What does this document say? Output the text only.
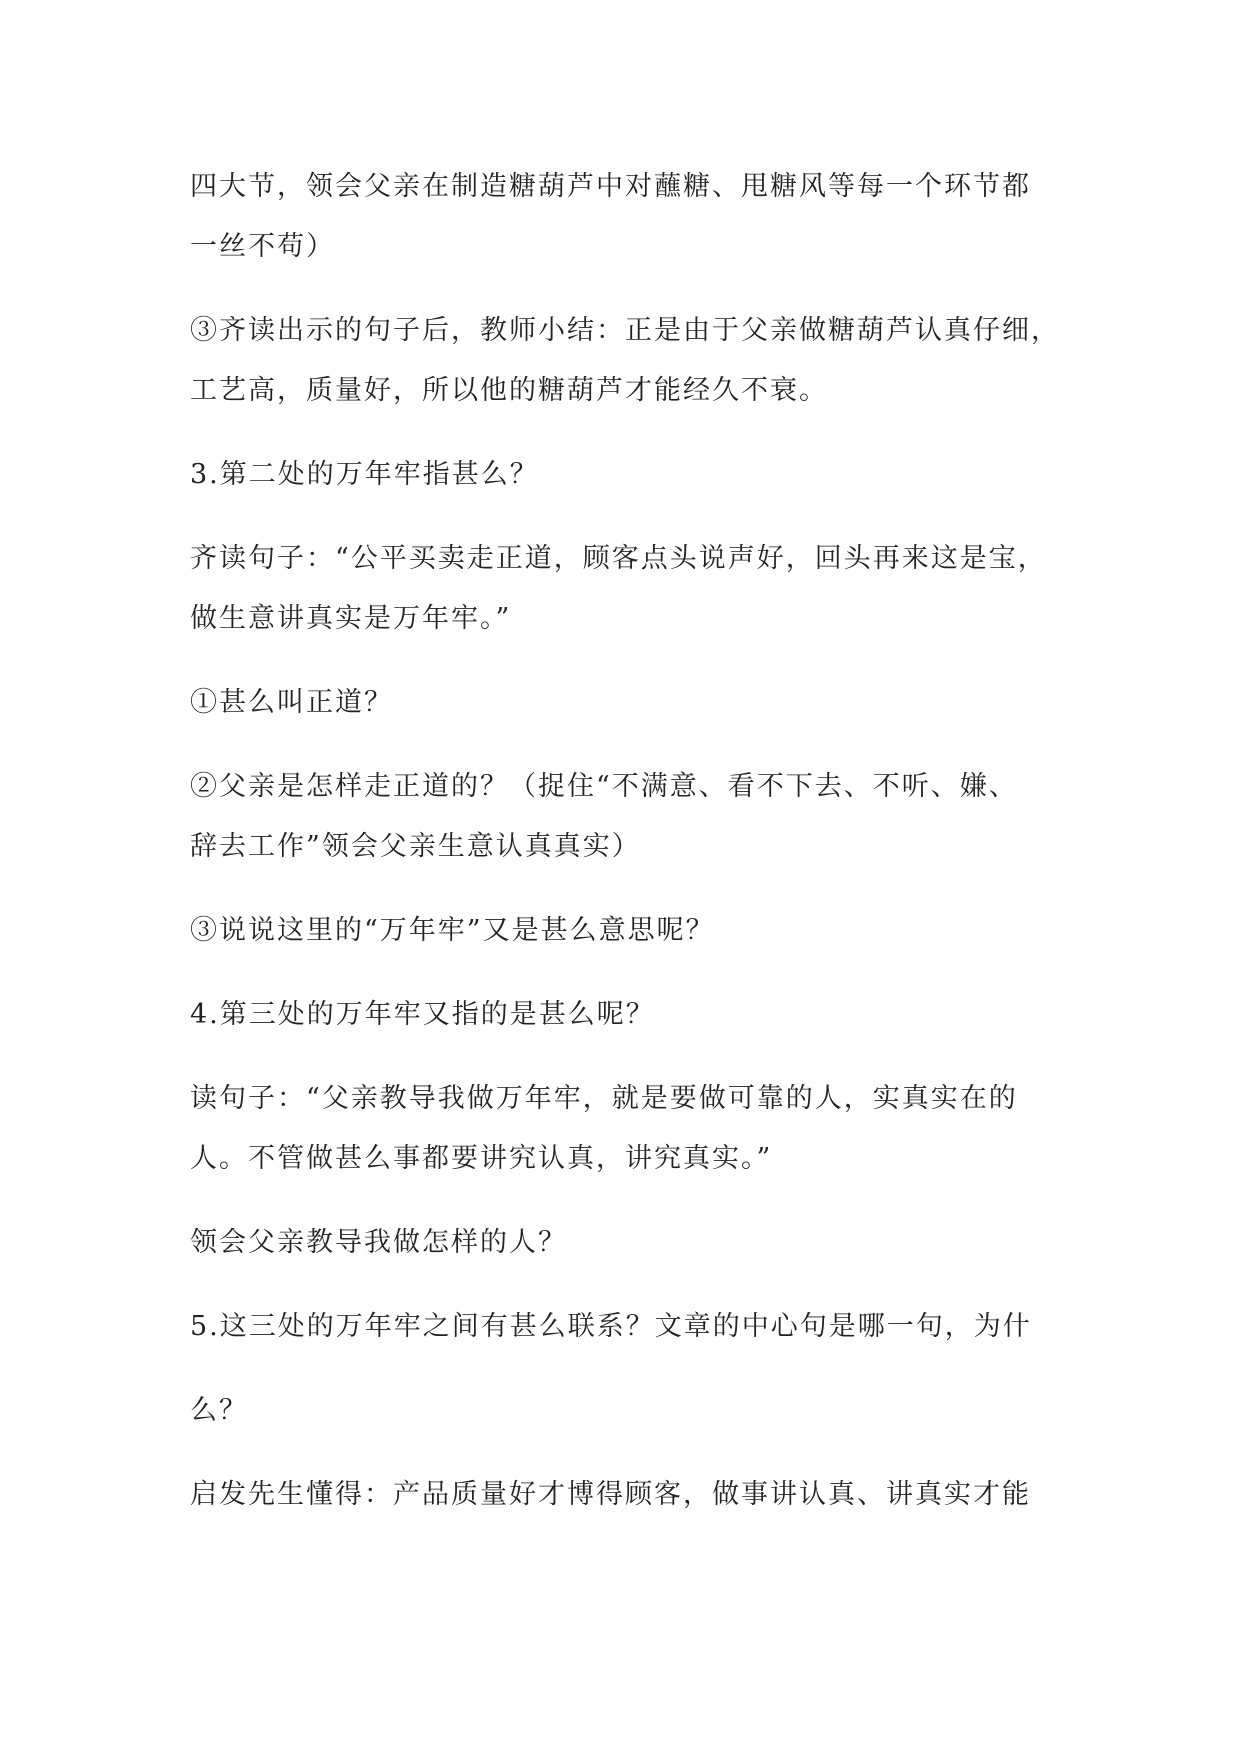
四大节，领会父亲在制造糖葫芦中对蘸糖、甩糖风等每一个环节都
一丝不苟）
③齐读出示的句子后，教师小结：正是由于父亲做糖葫芦认真仔细，
工艺高，质量好，所以他的糖葫芦才能经久不衰。
3.第二处的万年牢指甚么？
齐读句子：“公平买卖走正道，顾客点头说声好，回头再来这是宝，
做生意讲真实是万年牢。”
①甚么叫正道？
②父亲是怎样走正道的？（捉住“不满意、看不下去、不听、嫌、
辞去工作”领会父亲生意认真真实）
③说说这里的“万年牢”又是甚么意思呢？
4.第三处的万年牢又指的是甚么呢？
读句子：“父亲教导我做万年牢，就是要做可靠的人，实真实在的
人。不管做甚么事都要讲究认真，讲究真实。”
领会父亲教导我做怎样的人？
5.这三处的万年牢之间有甚么联系？文章的中心句是哪一句，为什
么？
启发先生懂得：产品质量好才博得顾客，做事讲认真、讲真实才能
